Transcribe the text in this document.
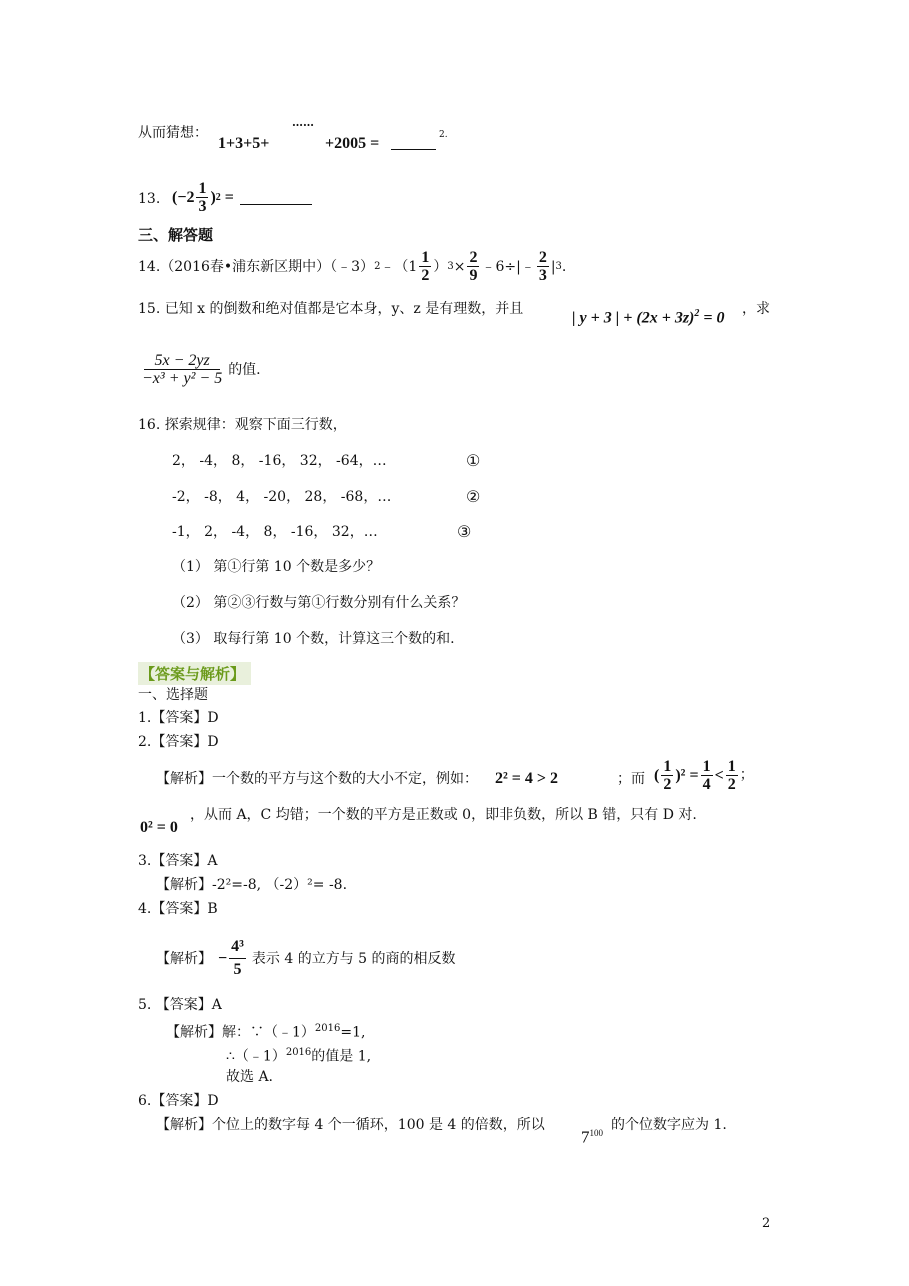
从而猜想：
1+3+5+
……
+2005 =	2.
13. ($-2 \frac{1}{3}$ ) 2 =
三、解答题
14.（2016春•浦东新区期中）（﹣3） 2 ﹣（1 $\frac{1}{2}$ ） $3 \times \frac{2}{9}$ ﹣6÷|﹣ $\frac{2}{3}$ | 3 .
15. 已知 x 的倒数和绝对值都是它本身，y、z 是有理数，并且
| y + 3 | + $(2x + 3z)^2 = 0$
，求
$\frac{5x - 2yz}{\text{−x³ + y² − 5}}$ 的值.
16. 探索规律：观察下面三行数，
2， -4， 8， -16， 32， -64，…	①
-2， -8， 4， -20， 28， -68，…	②
-1， 2， -4， 8， -16， 32，…	③
（1） 第①行第 10 个数是多少？
（2） 第②③行数与第①行数分别有什么关系？
（3） 取每行第 10 个数，计算这三个数的和.
【答案与解析】
一、选择题
1.【答案】D
2.【答案】D
【解析】一个数的平方与这个数的大小不定，例如： 2² = 4 > 2	；而 ( $\frac{1}{2} )^2 = \frac{1}{4} < \frac{1}{2}$ ；
0² = 0
，从而 A，C 均错；一个数的平方是正数或 0，即非负数，所以 B 错，只有 D 对.
3.【答案】A
【解析】-2²=-8, （-2）²= -8.
4.【答案】B
【解析】 − $\frac{\text{4³}}{5}$ 表示 4 的立方与 5 的商的相反数
5. 【答案】A
【解析】解：∵（﹣1）$^{2016}$=1,
∴（﹣1）$^{2016}$的值是 1,
故选 A.
6.【答案】D
【解析】个位上的数字每 4 个一循环，100 是 4 的倍数，所以
$7^{100}$ 的个位数字应为 1.
2
